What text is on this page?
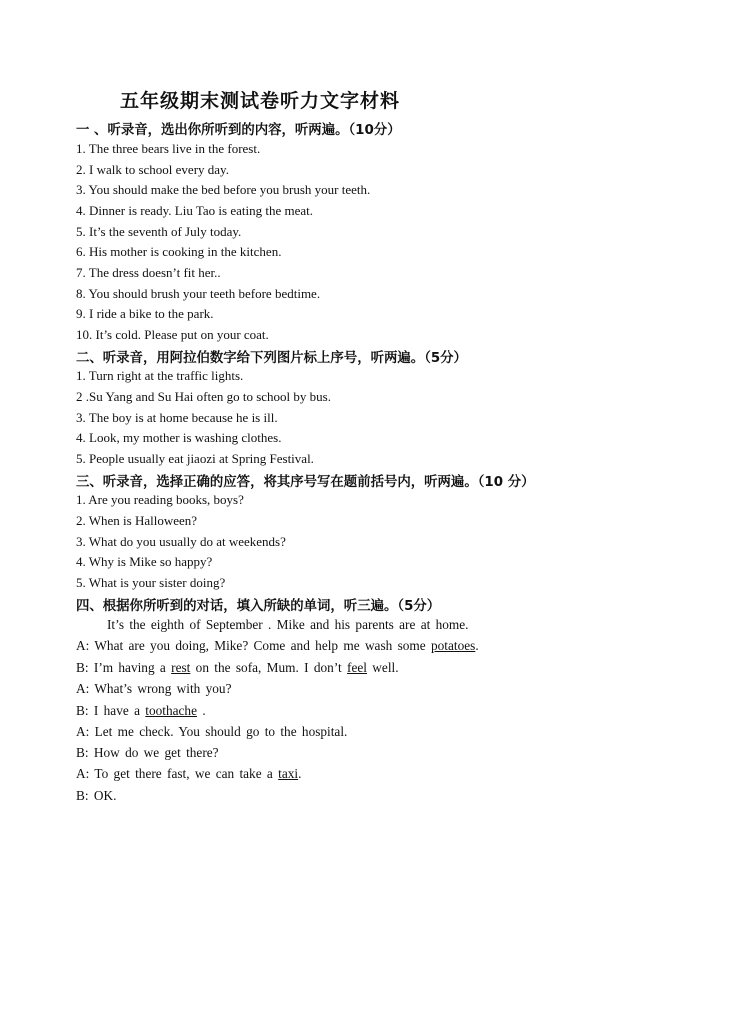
五年级期末测试卷听力文字材料
一 、听录音，选出你所听到的内容，听两遍。（10分）
1. The three bears live in the forest.
2. I walk to school every day.
3. You should make the bed before you brush your teeth.
4. Dinner is ready. Liu Tao is eating the meat.
5. It’s the seventh of July today.
6. His mother is cooking in the kitchen.
7. The dress doesn’t fit her..
8. You should brush your teeth before bedtime.
9. I ride a bike to the park.
10. It’s cold. Please put on your coat.
二、听录音，用阿拉伯数字给下列图片标上序号，听两遍。（5分）
1. Turn right at the traffic lights.
2 .Su Yang and Su Hai often go to school by bus.
3. The boy is at home because he is ill.
4. Look, my mother is washing clothes.
5. People usually eat jiaozi at Spring Festival.
三、听录音，选择正确的应答，将其序号写在题前括号内，听两遍。（10 分）
1. Are you reading books, boys?
2. When is Halloween?
3. What do you usually do at weekends?
4. Why is Mike so happy?
5. What is your sister doing?
四、根据你所听到的对话，填入所缺的单词，听三遍。（5分）
It’s the eighth of September . Mike and his parents are at home.
A: What are you doing, Mike? Come and help me wash some potatoes.
B: I’m having a rest on the sofa, Mum. I don’t feel well.
A: What’s wrong with you?
B: I have a toothache .
A: Let me check. You should go to the hospital.
B: How do we get there?
A: To get there fast, we can take a taxi.
B: OK.
